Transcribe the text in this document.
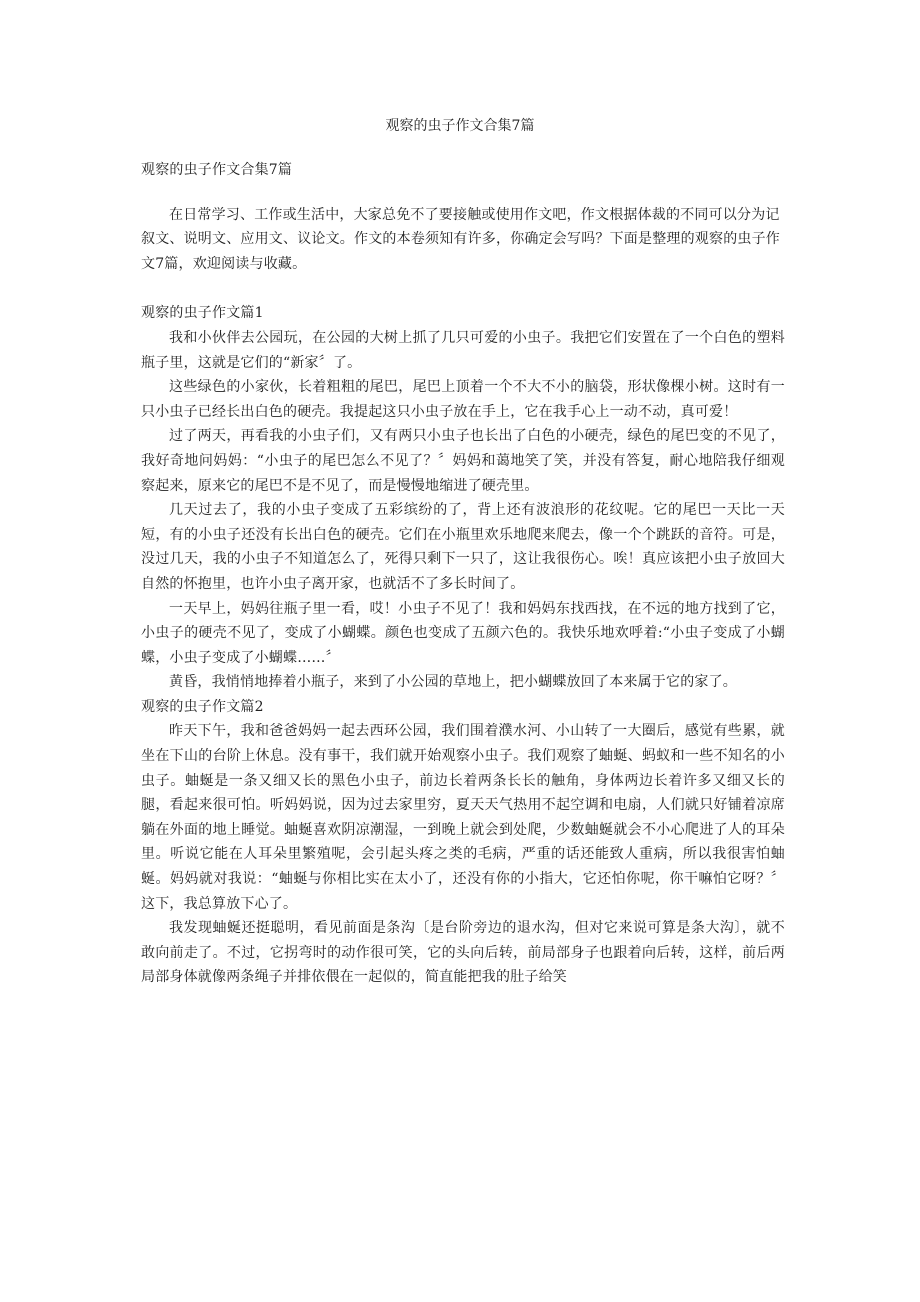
观察的虫子作文合集7篇

观察的虫子作文合集7篇

在日常学习、工作或生活中，大家总免不了要接触或使用作文吧，作文根据体裁的不同可以分为记叙文、说明文、应用文、议论文。作文的本卷须知有许多，你确定会写吗？下面是整理的观察的虫子作文7篇，欢迎阅读与收藏。

观察的虫子作文篇1

我和小伙伴去公园玩，在公园的大树上抓了几只可爱的小虫子。我把它们安置在了一个白色的塑料瓶子里，这就是它们的“新家〞了。

这些绿色的小家伙，长着粗粗的尾巴，尾巴上顶着一个不大不小的脑袋，形状像棵小树。这时有一只小虫子已经长出白色的硬壳。我提起这只小虫子放在手上，它在我手心上一动不动，真可爱！

过了两天，再看我的小虫子们，又有两只小虫子也长出了白色的小硬壳，绿色的尾巴变的不见了，我好奇地问妈妈：“小虫子的尾巴怎么不见了？〞妈妈和蔼地笑了笑，并没有答复，耐心地陪我仔细观察起来，原来它的尾巴不是不见了，而是慢慢地缩进了硬壳里。

几天过去了，我的小虫子变成了五彩缤纷的了，背上还有波浪形的花纹呢。它的尾巴一天比一天短，有的小虫子还没有长出白色的硬壳。它们在小瓶里欢乐地爬来爬去，像一个个跳跃的音符。可是，没过几天，我的小虫子不知道怎么了，死得只剩下一只了，这让我很伤心。唉！真应该把小虫子放回大自然的怀抱里，也许小虫子离开家，也就活不了多长时间了。

一天早上，妈妈往瓶子里一看，哎！小虫子不见了！我和妈妈东找西找，在不远的地方找到了它，小虫子的硬壳不见了，变成了小蝴蝶。颜色也变成了五颜六色的。我快乐地欢呼着:“小虫子变成了小蝴蝶，小虫子变成了小蝴蝶……〞

黄昏，我悄悄地捧着小瓶子，来到了小公园的草地上，把小蝴蝶放回了本来属于它的家了。

观察的虫子作文篇2

昨天下午，我和爸爸妈妈一起去西环公园，我们围着濮水河、小山转了一大圈后，感觉有些累，就坐在下山的台阶上休息。没有事干，我们就开始观察小虫子。我们观察了蚰蜒、蚂蚁和一些不知名的小虫子。蚰蜒是一条又细又长的黑色小虫子，前边长着两条长长的触角，身体两边长着许多又细又长的腿，看起来很可怕。听妈妈说，因为过去家里穷，夏天天气热用不起空调和电扇，人们就只好铺着凉席躺在外面的地上睡觉。蚰蜒喜欢阴凉潮湿，一到晚上就会到处爬，少数蚰蜒就会不小心爬进了人的耳朵里。听说它能在人耳朵里繁殖呢，会引起头疼之类的毛病，严重的话还能致人重病，所以我很害怕蚰蜒。妈妈就对我说：“蚰蜒与你相比实在太小了，还没有你的小指大，它还怕你呢，你干嘛怕它呀？〞这下，我总算放下心了。

我发现蚰蜒还挺聪明，看见前面是条沟〔是台阶旁边的退水沟，但对它来说可算是条大沟〕，就不敢向前走了。不过，它拐弯时的动作很可笑，它的头向后转，前局部身子也跟着向后转，这样，前后两局部身体就像两条绳子并排依偎在一起似的，简直能把我的肚子给笑
